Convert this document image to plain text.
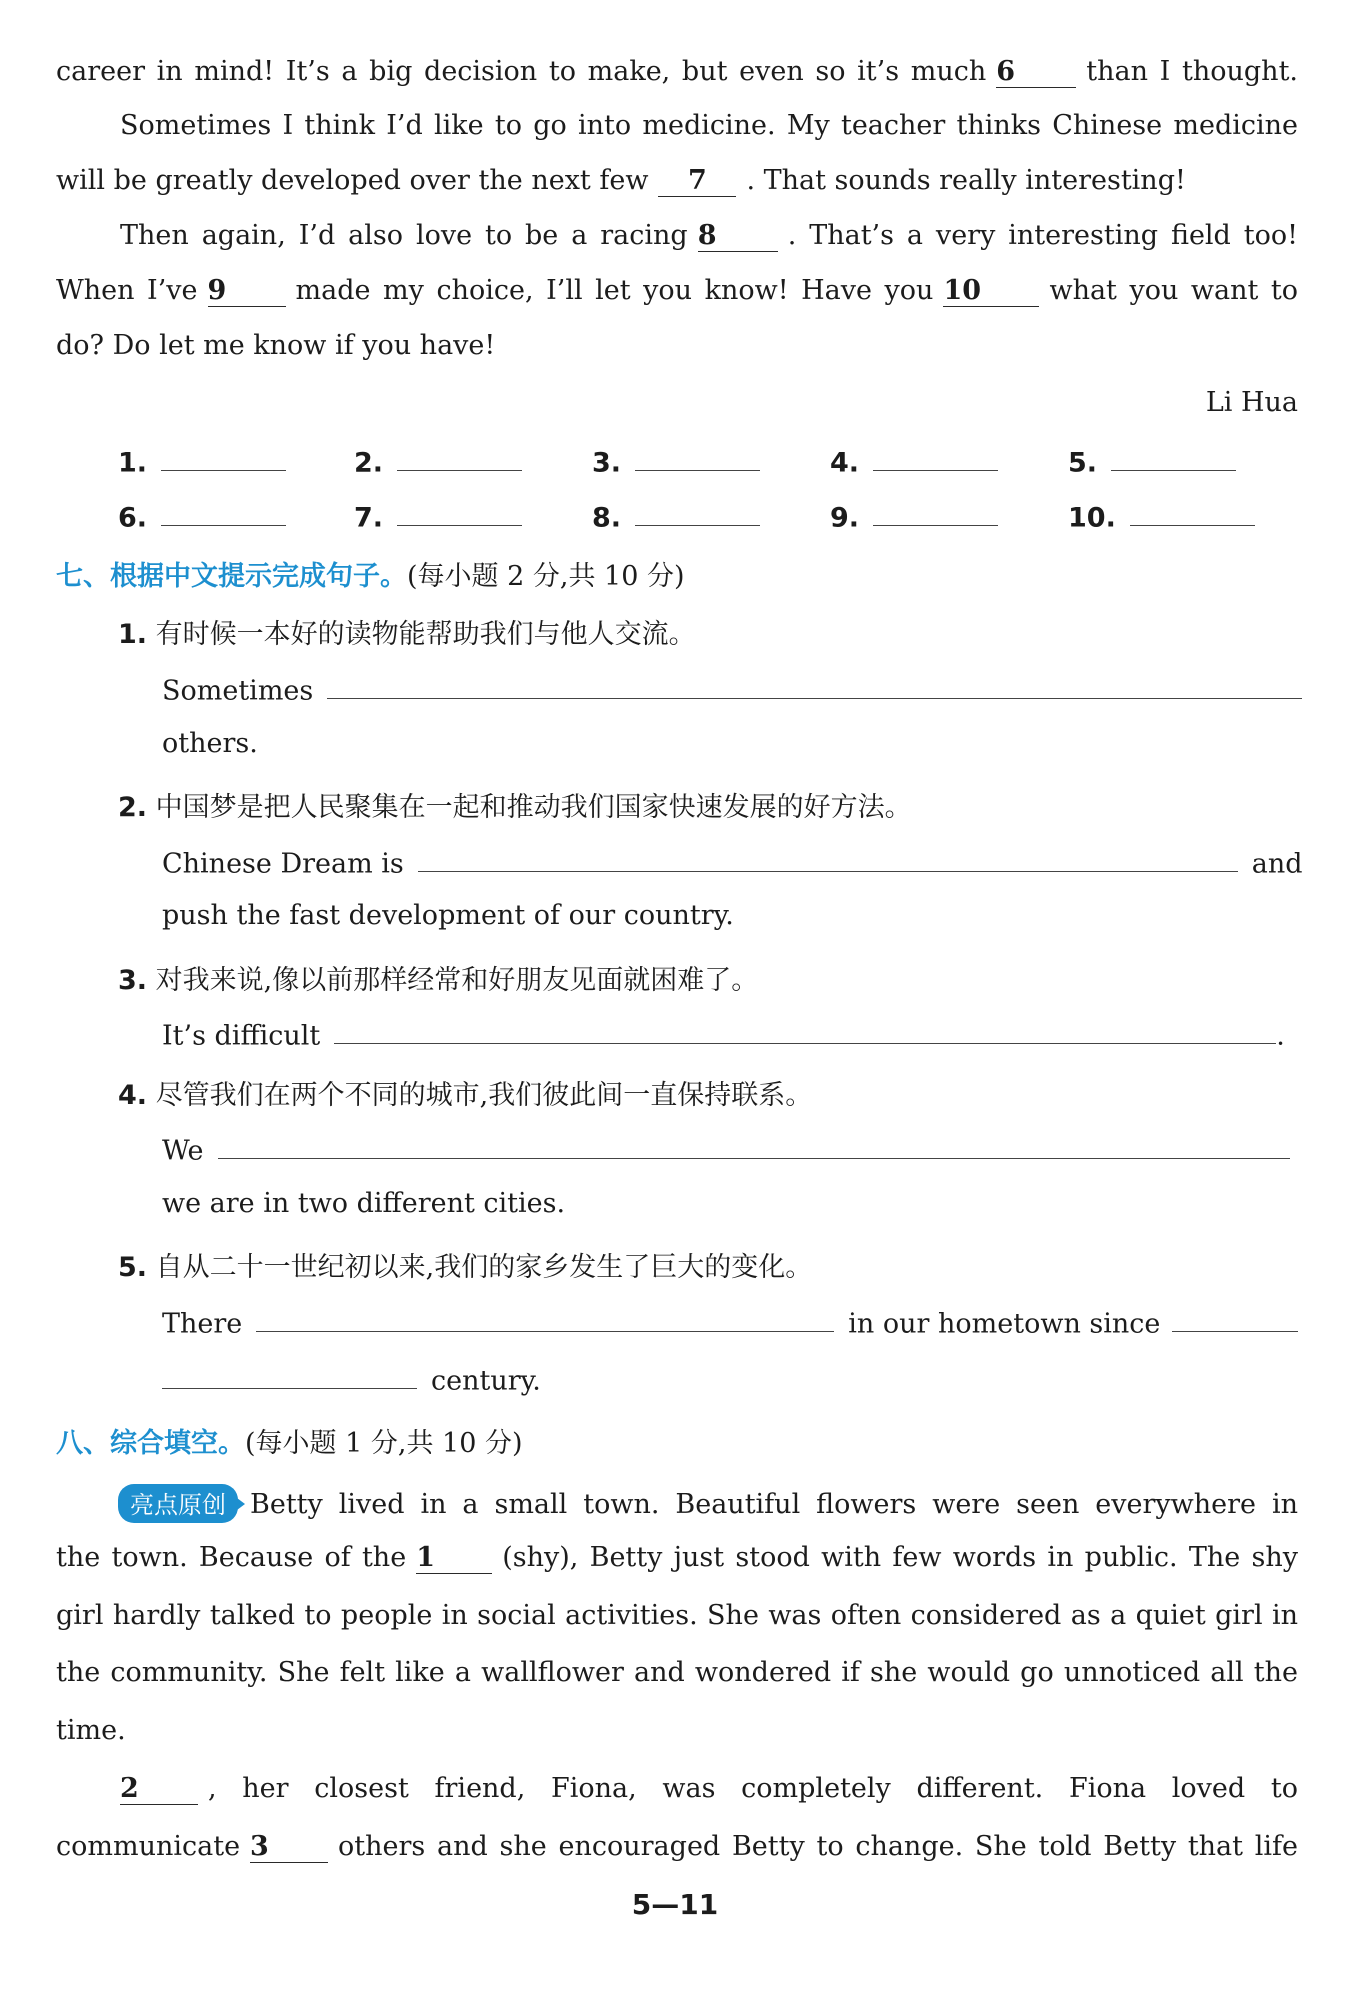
career in mind! It’s a big decision to make, but even so it’s much 6	than I thought.
Sometimes I think I’d like to go into medicine. My teacher thinks Chinese medicine
will be greatly developed over the next few 7 . That sounds really interesting!
Then again, I’d also love to be a racing 8	. That’s a very interesting field too!
When I’ve 9	made my choice, I’ll let you know! Have you 10	what you want to
do? Do let me know if you have!
Li Hua
1.	2.	3.	4.	5.
6.	7.	8.	9.	10.
七、根据中文提示完成句子。(每小题 2 分,共 10 分)
1. 有时候一本好的读物能帮助我们与他人交流。
Sometimes
others.
2. 中国梦是把人民聚集在一起和推动我们国家快速发展的好方法。
Chinese Dream is	and
push the fast development of our country.
3. 对我来说,像以前那样经常和好朋友见面就困难了。
It’s difficult	.
4. 尽管我们在两个不同的城市,我们彼此间一直保持联系。
We
we are in two different cities.
5. 自从二十一世纪初以来,我们的家乡发生了巨大的变化。
There	in our hometown since
century.
八、综合填空。(每小题 1 分,共 10 分)
亮点原创 Betty lived in a small town. Beautiful flowers were seen everywhere in
the town. Because of the 1 (shy), Betty just stood with few words in public. The shy
girl hardly talked to people in social activities. She was often considered as a quiet girl in
the community. She felt like a wallflower and wondered if she would go unnoticed all the
time.
2	, her closest friend, Fiona, was completely different. Fiona loved to
communicate 3	others and she encouraged Betty to change. She told Betty that life
5—11
